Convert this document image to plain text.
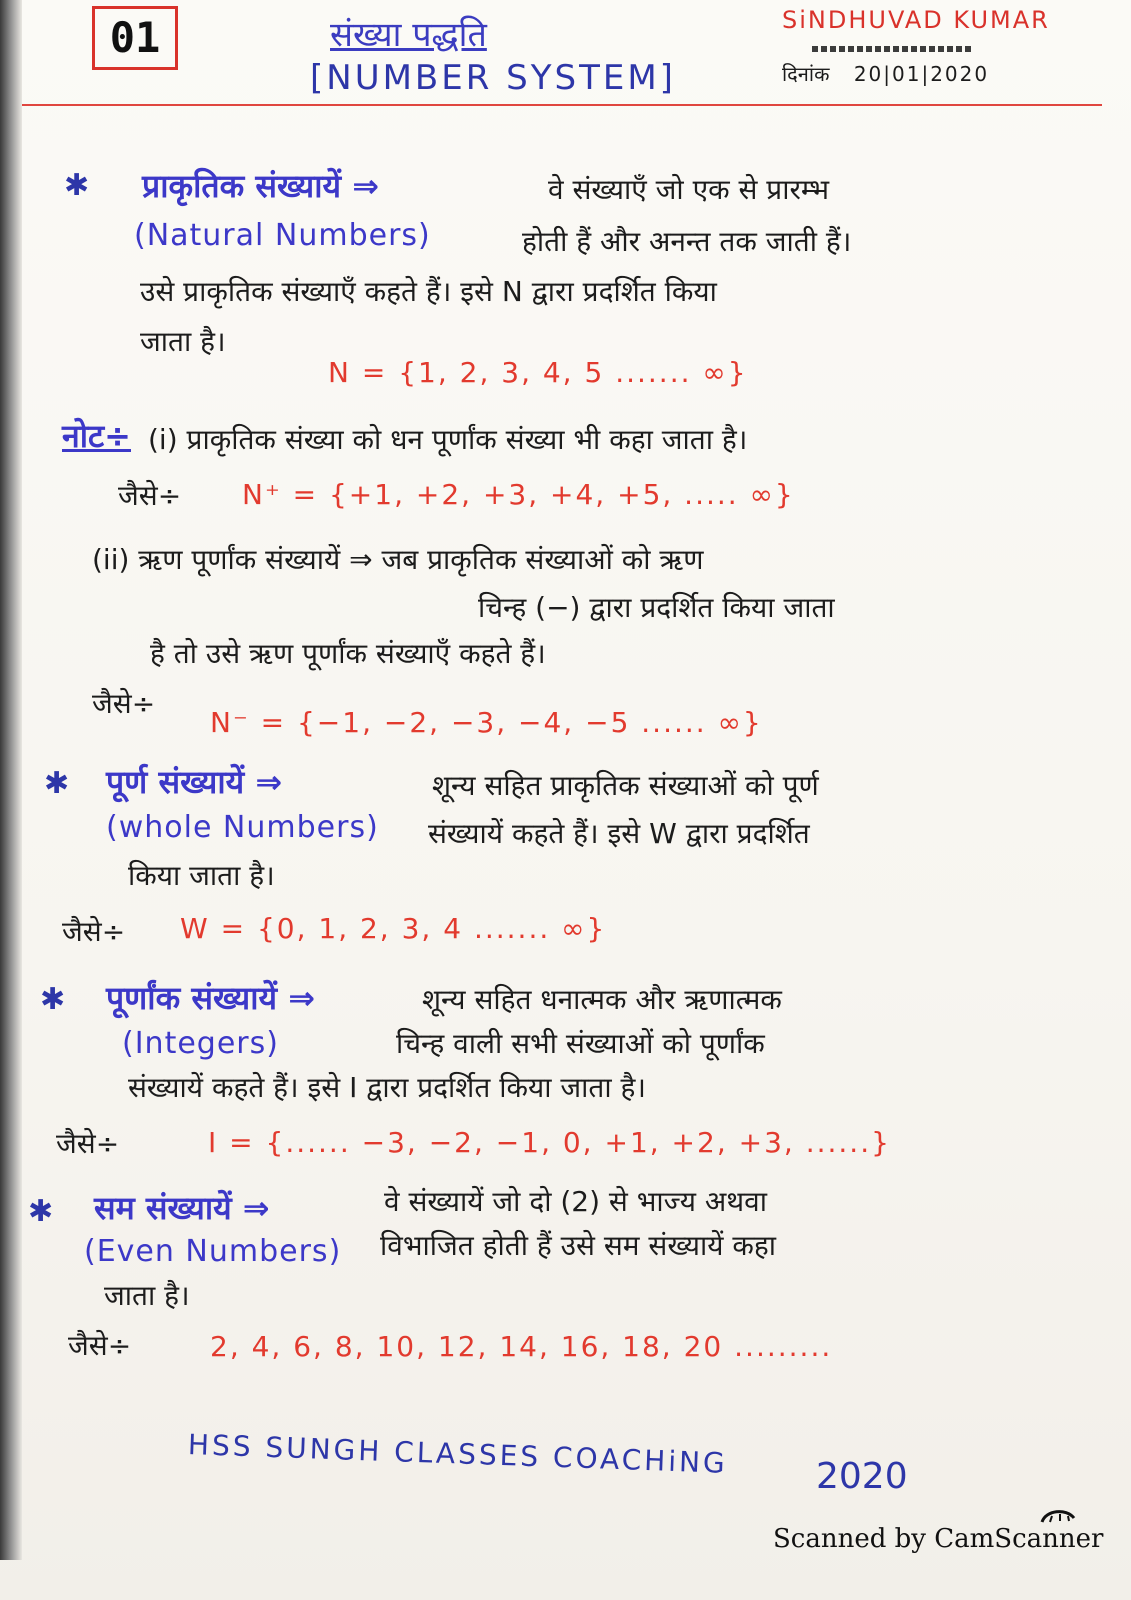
01	संख्या पद्धति
[NUMBER SYSTEM]
SiNDHUVAD KUMAR
दिनांक 20|01|2020
✱ प्राकृतिक संख्यायें ⇒
(Natural Numbers)
वे संख्याएँ जो एक से प्रारम्भ
होती हैं और अनन्त तक जाती हैं।
उसे प्राकृतिक संख्याएँ कहते हैं। इसे N द्वारा प्रदर्शित किया
जाता है।
N = {1, 2, 3, 4, 5 ....... ∞}
नोट÷ (i) प्राकृतिक संख्या को धन पूर्णांक संख्या भी कहा जाता है।
जैसे÷ N⁺ = {+1, +2, +3, +4, +5, ..... ∞}
(ii) ऋण पूर्णांक संख्यायें ⇒ जब प्राकृतिक संख्याओं को ऋण
चिन्ह (−) द्वारा प्रदर्शित किया जाता
है तो उसे ऋण पूर्णांक संख्याएँ कहते हैं।
जैसे÷
N⁻ = {−1, −2, −3, −4, −5 ...... ∞}
✱ पूर्ण संख्यायें ⇒
(whole Numbers)
शून्य सहित प्राकृतिक संख्याओं को पूर्ण
संख्यायें कहते हैं। इसे W द्वारा प्रदर्शित
किया जाता है।
जैसे÷ W = {0, 1, 2, 3, 4 ....... ∞}
✱ पूर्णांक संख्यायें ⇒
(Integers)
शून्य सहित धनात्मक और ऋणात्मक
चिन्ह वाली सभी संख्याओं को पूर्णांक
संख्यायें कहते हैं। इसे I द्वारा प्रदर्शित किया जाता है।
जैसे÷	I = {...... −3, −2, −1, 0, +1, +2, +3, ......}
✱ सम संख्यायें ⇒
(Even Numbers)
वे संख्यायें जो दो (2) से भाज्य अथवा
विभाजित होती हैं उसे सम संख्यायें कहा
जाता है।
जैसे÷	2, 4, 6, 8, 10, 12, 14, 16, 18, 20 .........
HSS SUNGH CLASSES COACHiNG 2020
Scanned by CamScanner
